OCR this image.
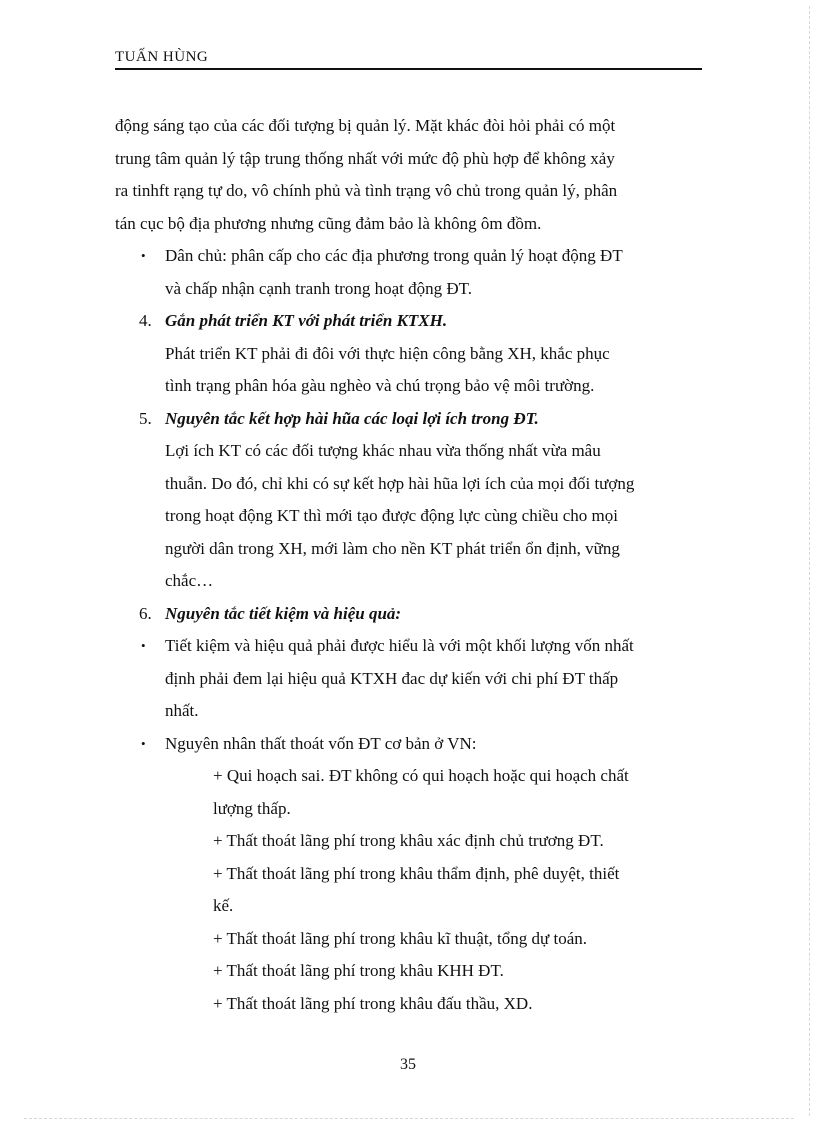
TUẤN HÙNG

động sáng tạo của các đối tượng bị quản lý. Mặt khác đòi hỏi phải có một

trung tâm quản lý tập trung thống nhất với mức độ phù hợp để không xảy

ra tinhft rạng tự do, vô chính phủ và tình trạng vô chủ trong quản lý, phân

tán cục bộ địa phương nhưng cũng đảm bảo là không ôm đồm.

• Dân chủ: phân cấp cho các địa phương trong quản lý hoạt động ĐT
và chấp nhận cạnh tranh trong hoạt động ĐT.
4. Gắn phát triển KT với phát triển KTXH.
Phát triển KT phải đi đôi với thực hiện công bằng XH, khắc phục
tình trạng phân hóa gàu nghèo và chú trọng bảo vệ môi trường.
5. Nguyên tắc kết hợp hài hũa các loại lợi ích trong ĐT.
Lợi ích KT có các đối tượng khác nhau vừa thống nhất vừa mâu
thuẫn. Do đó, chỉ khi có sự kết hợp hài hũa lợi ích của mọi đối tượng
trong hoạt động KT thì mới tạo được động lực cùng chiều cho mọi
người dân trong XH, mới làm cho nền KT phát triển ổn định, vững
chắc…
6. Nguyên tắc tiết kiệm và hiệu quả:
• Tiết kiệm và hiệu quả phải được hiểu là với một khối lượng vốn nhất
định phải đem lại hiệu quả KTXH đac dự kiến với chi phí ĐT thấp
nhất.
• Nguyên nhân thất thoát vốn ĐT cơ bản ở VN:

+ Qui hoạch sai. ĐT không có qui hoạch hoặc qui hoạch chất

lượng thấp.

+ Thất thoát lãng phí trong khâu xác định chủ trương ĐT.

+ Thất thoát lãng phí trong khâu thẩm định, phê duyệt, thiết

kế.

+ Thất thoát lãng phí trong khâu kĩ thuật, tổng dự toán.

+ Thất thoát lãng phí trong khâu KHH ĐT.

+ Thất thoát lãng phí trong khâu đấu thầu, XD.

35
